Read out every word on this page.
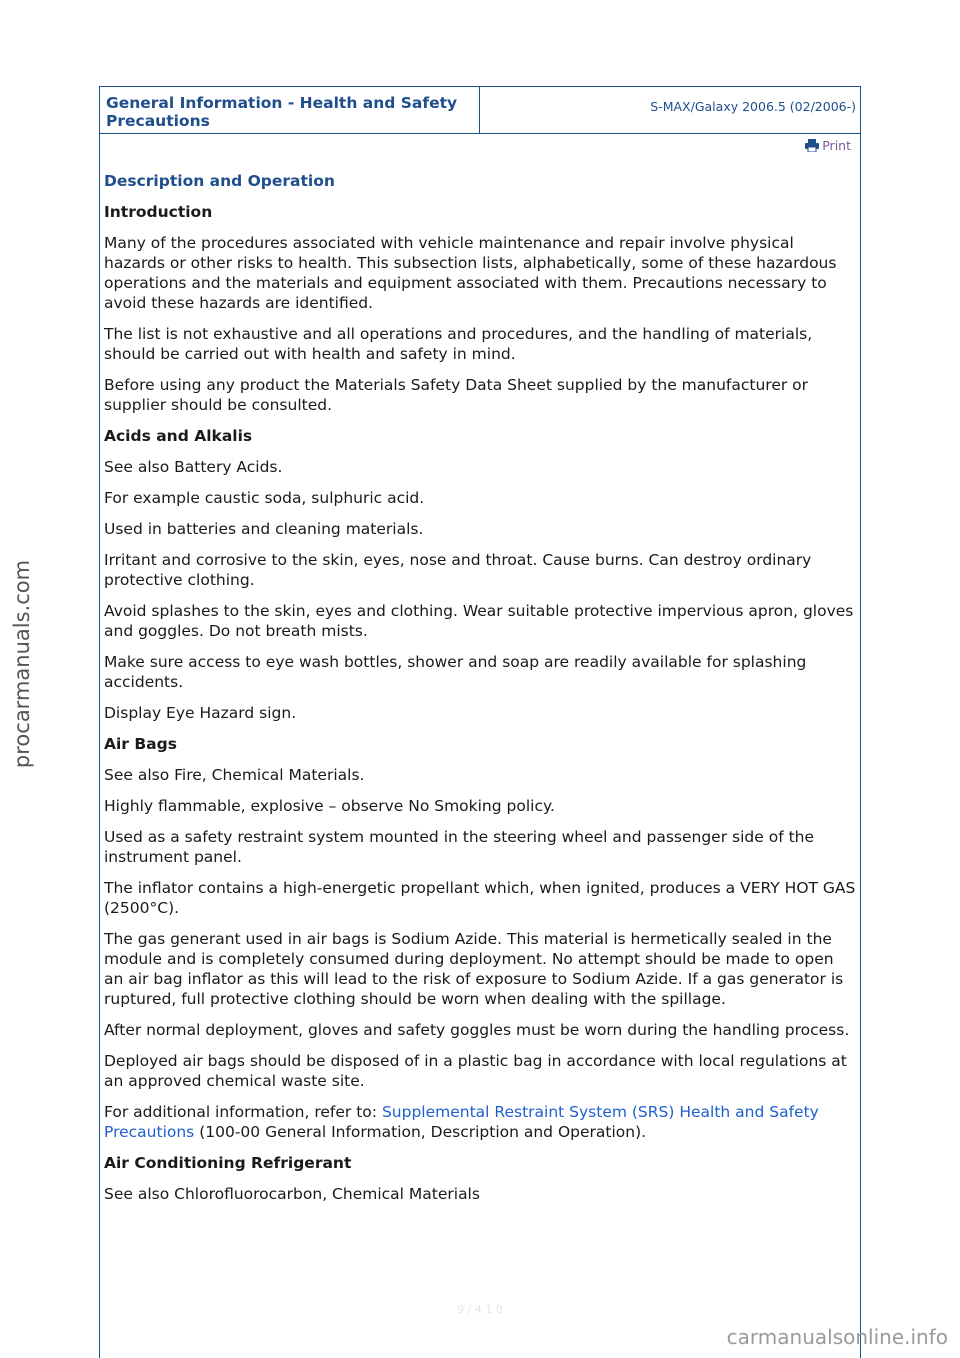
General Information - Health and Safety
Precautions
S-MAX/Galaxy 2006.5 (02/2006-)
Print
Description and Operation
Introduction

Many of the procedures associated with vehicle maintenance and repair involve physical hazards or other risks to health. This subsection lists, alphabetically, some of these hazardous operations and the materials and equipment associated with them. Precautions necessary to avoid these hazards are identified.

The list is not exhaustive and all operations and procedures, and the handling of materials, should be carried out with health and safety in mind.

Before using any product the Materials Safety Data Sheet supplied by the manufacturer or supplier should be consulted.

Acids and Alkalis

See also Battery Acids.

For example caustic soda, sulphuric acid.

Used in batteries and cleaning materials.

Irritant and corrosive to the skin, eyes, nose and throat. Cause burns. Can destroy ordinary protective clothing.

Avoid splashes to the skin, eyes and clothing. Wear suitable protective impervious apron, gloves and goggles. Do not breath mists.

Make sure access to eye wash bottles, shower and soap are readily available for splashing accidents.

Display Eye Hazard sign.

Air Bags

See also Fire, Chemical Materials.

Highly flammable, explosive – observe No Smoking policy.

Used as a safety restraint system mounted in the steering wheel and passenger side of the instrument panel.

The inflator contains a high-energetic propellant which, when ignited, produces a VERY HOT GAS (2500°C).

The gas generant used in air bags is Sodium Azide. This material is hermetically sealed in the module and is completely consumed during deployment. No attempt should be made to open an air bag inflator as this will lead to the risk of exposure to Sodium Azide. If a gas generator is ruptured, full protective clothing should be worn when dealing with the spillage.

After normal deployment, gloves and safety goggles must be worn during the handling process.

Deployed air bags should be disposed of in a plastic bag in accordance with local regulations at an approved chemical waste site.

For additional information, refer to: Supplemental Restraint System (SRS) Health and Safety Precautions (100-00 General Information, Description and Operation).

Air Conditioning Refrigerant

See also Chlorofluorocarbon, Chemical Materials

9 / 4 1 0
procarmanuals.com
carmanualsonline.info
